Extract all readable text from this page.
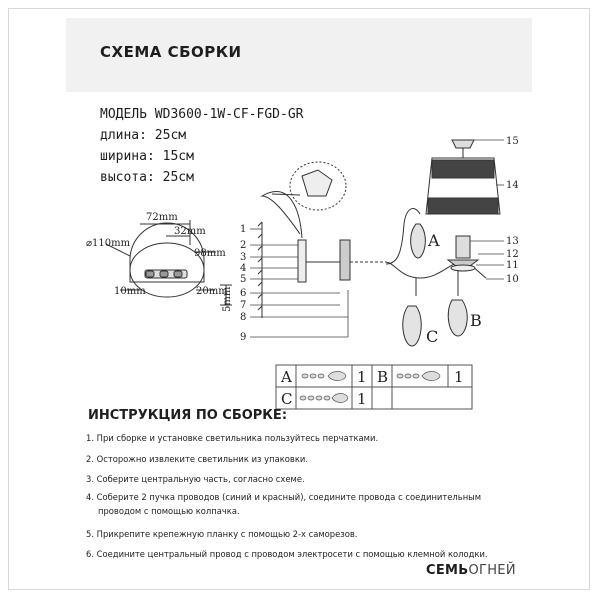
СХЕМА СБОРКИ
МОДЕЛЬ WD3600-1W-CF-FGD-GR
длина: 25см
ширина: 15см
высота: 25см
⌀110mm
72mm
32mm
98mm
10mm	20mm
5mm
1
2
3
4
5
6
7
8
9
15
14
13
12
11
10
A
B
C
A	1 B	1
C	1
ИНСТРУКЦИЯ ПО СБОРКЕ:
1. При сборке и установке светильника пользуйтесь перчатками.
2. Осторожно извлеките светильник из упаковки.
3. Соберите центральную часть, согласно схеме.
4. Соберите 2 пучка проводов (синий и красный), соедините провода с соединительным
проводом с помощью колпачка.
5. Прикрепите крепежную планку с помощью 2-х саморезов.
6. Соедините центральный провод с проводом электросети с помощью клемной колодки.
СЕМЬОГНЕЙ
